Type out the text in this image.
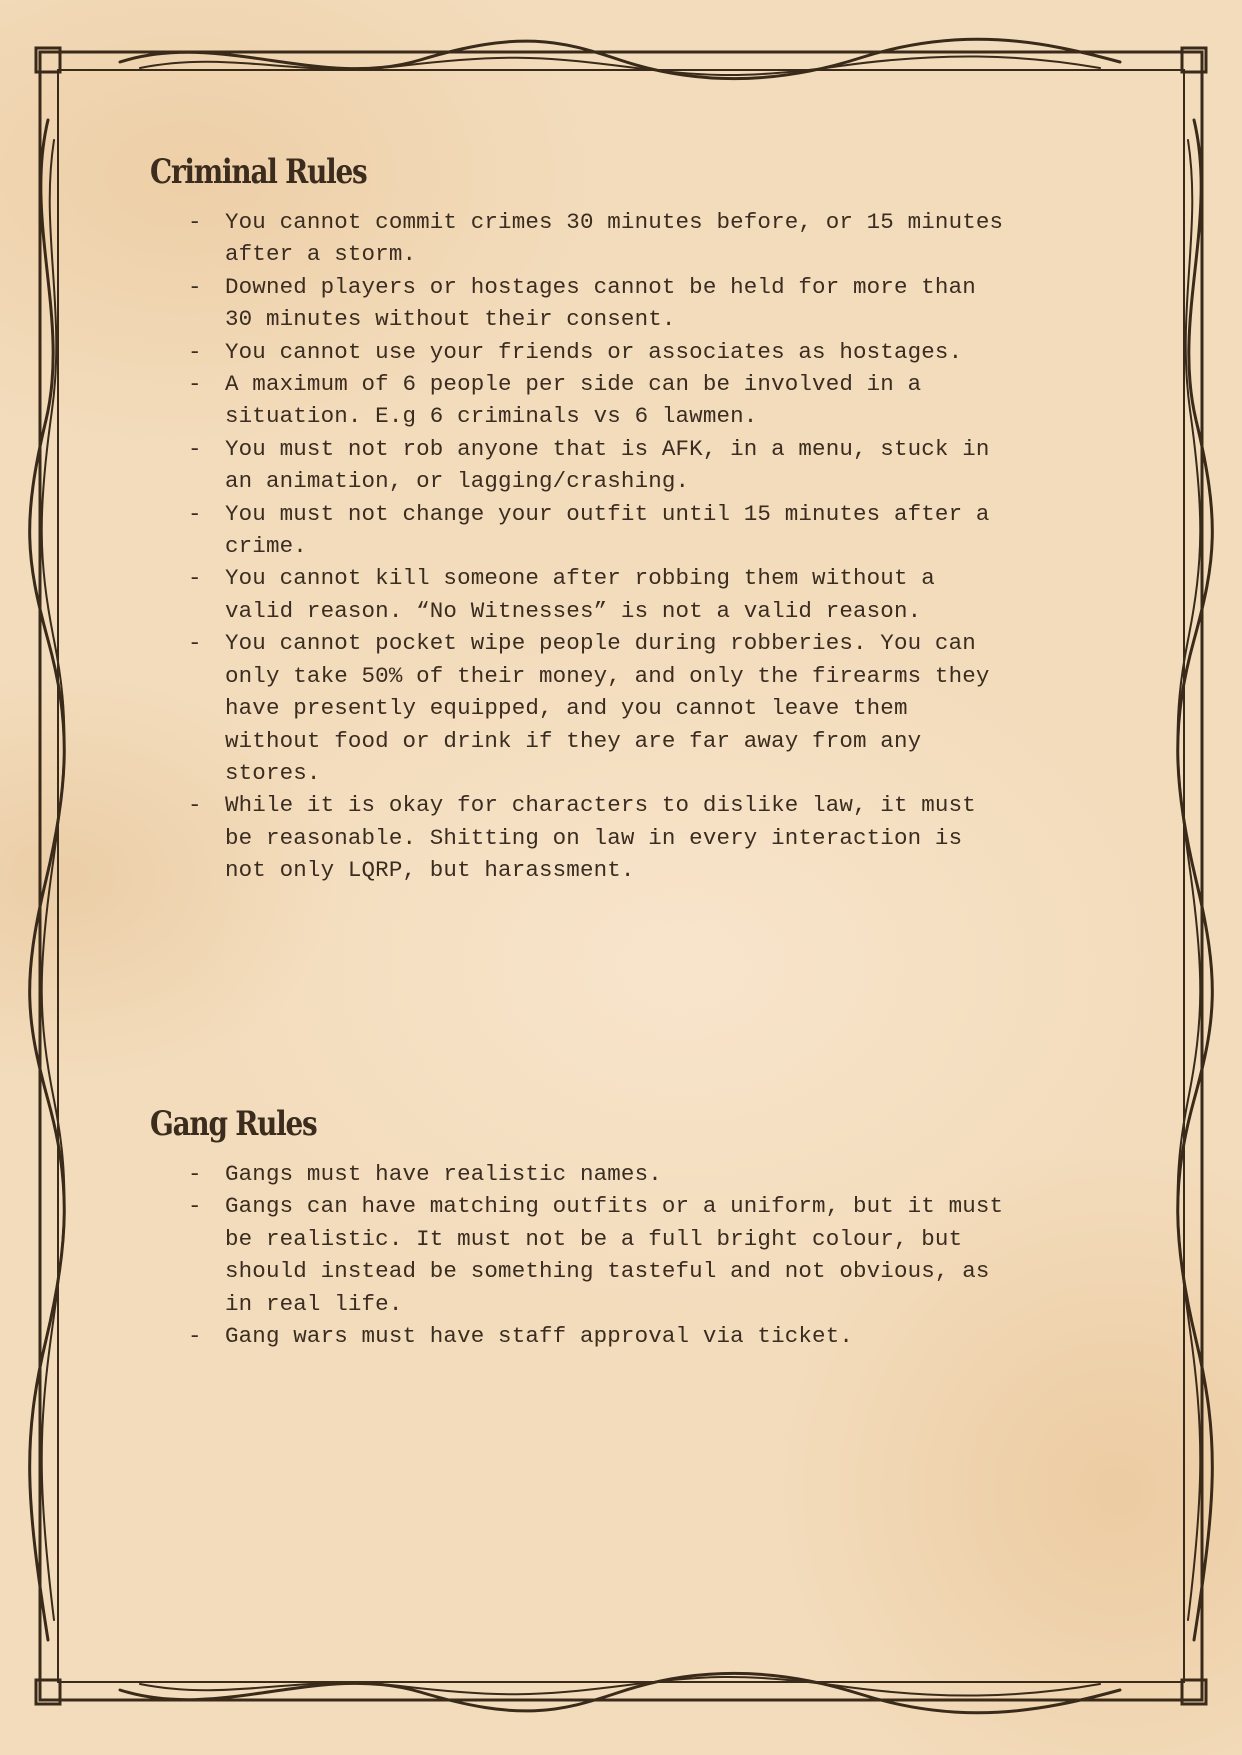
Criminal Rules
- You cannot commit crimes 30 minutes before, or 15 minutes
after a storm.
- Downed players or hostages cannot be held for more than
30 minutes without their consent.
- You cannot use your friends or associates as hostages.
- A maximum of 6 people per side can be involved in a
situation. E.g 6 criminals vs 6 lawmen.
- You must not rob anyone that is AFK, in a menu, stuck in
an animation, or lagging/crashing.
- You must not change your outfit until 15 minutes after a
crime.
- You cannot kill someone after robbing them without a
valid reason. “No Witnesses” is not a valid reason.
- You cannot pocket wipe people during robberies. You can
only take 50% of their money, and only the firearms they
have presently equipped, and you cannot leave them
without food or drink if they are far away from any
stores.
- While it is okay for characters to dislike law, it must
be reasonable. Shitting on law in every interaction is
not only LQRP, but harassment.
Gang Rules
- Gangs must have realistic names.
- Gangs can have matching outfits or a uniform, but it must
be realistic. It must not be a full bright colour, but
should instead be something tasteful and not obvious, as
in real life.
- Gang wars must have staff approval via ticket.
